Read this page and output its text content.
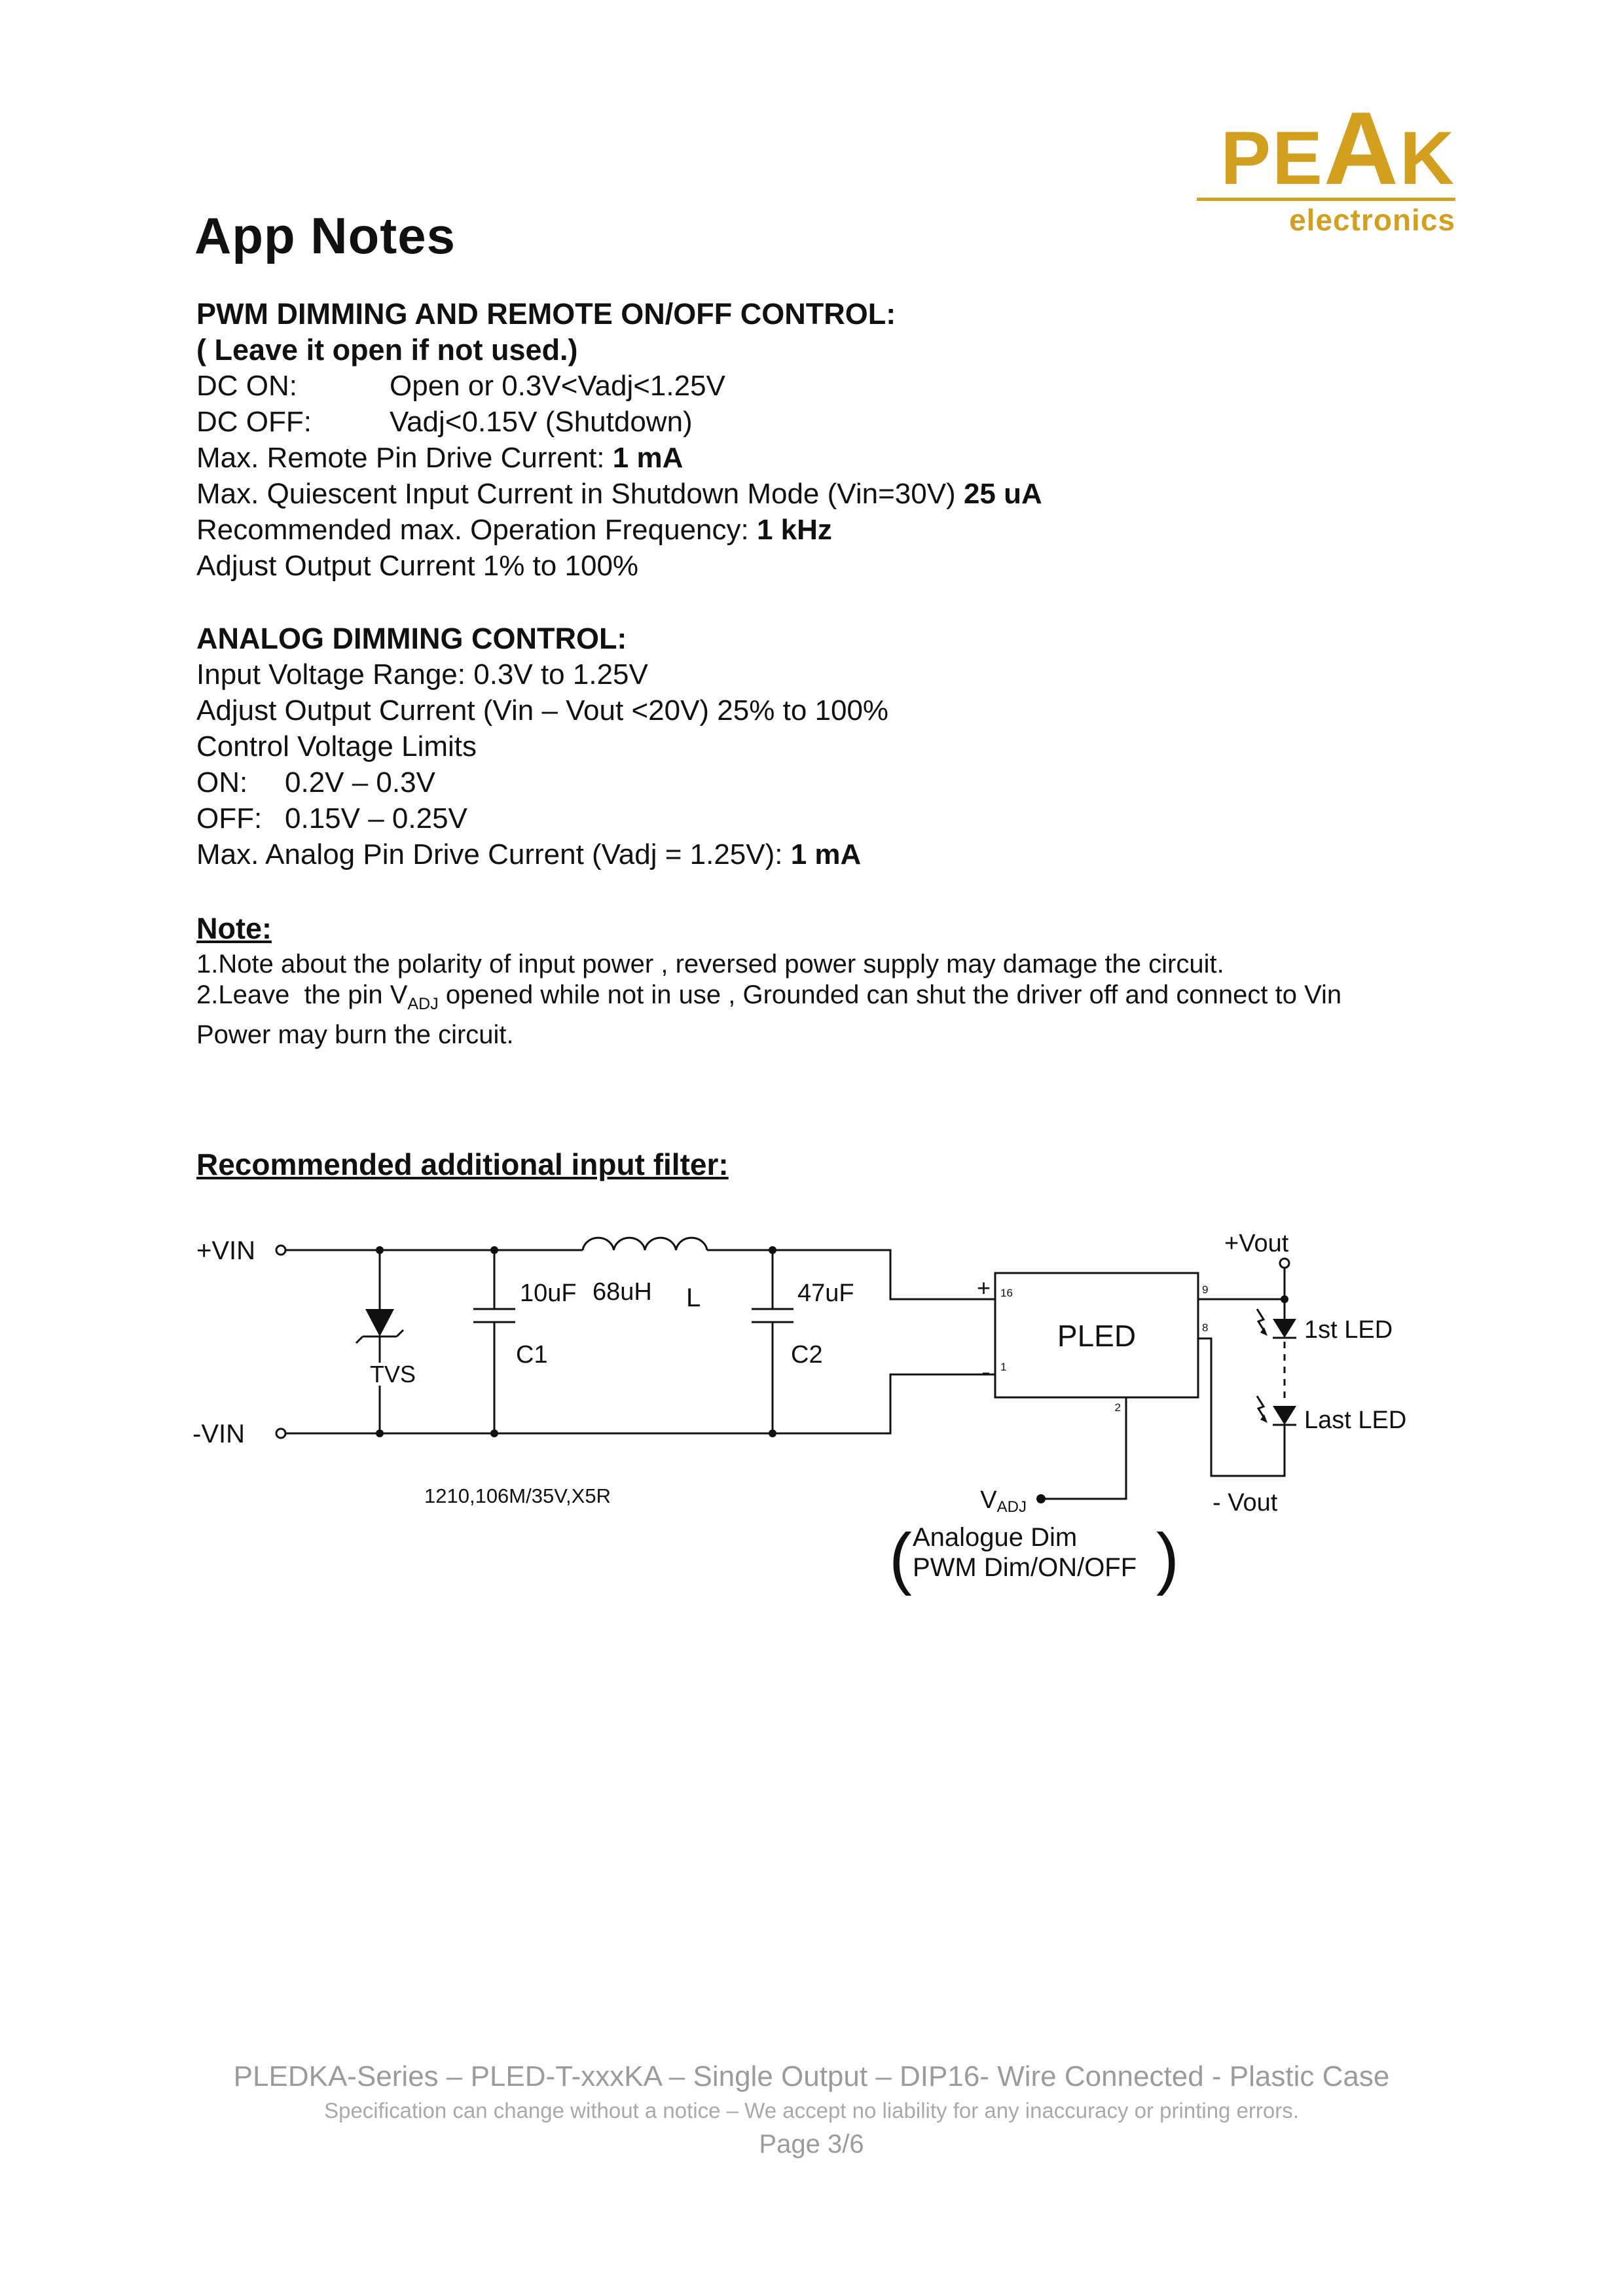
PEAK
electronics
App Notes
PWM DIMMING AND REMOTE ON/OFF CONTROL:
( Leave it open if not used.)
DC ON:	Open or 0.3V<Vadj<1.25V
DC OFF:	Vadj<0.15V (Shutdown)
Max. Remote Pin Drive Current: 1 mA
Max. Quiescent Input Current in Shutdown Mode (Vin=30V) 25 uA
Recommended max. Operation Frequency: 1 kHz
Adjust Output Current 1% to 100%
ANALOG DIMMING CONTROL:
Input Voltage Range: 0.3V to 1.25V
Adjust Output Current (Vin – Vout <20V) 25% to 100%
Control Voltage Limits
ON: 0.2V – 0.3V
OFF: 0.15V – 0.25V
Max. Analog Pin Drive Current (Vadj = 1.25V): 1 mA
Note:
1.Note about the polarity of input power , reversed power supply may damage the circuit.
2.Leave  the pin $V_{ADJ}$ opened while not in use , Grounded can shut the driver off and connect to Vin
Power may burn the circuit.
Recommended additional input filter:
+VIN
-VIN
TVS
10uF
C1
68uH L	47uF
C2
1210,106M/35V,X5R
PLED
+
-
16
1
9
8
2
+Vout
1st LED
Last LED
- Vout
VADJ
( Analogue Dim
PWM Dim/ON/OFF )
PLEDKA-Series – PLED-T-xxxKA – Single Output – DIP16- Wire Connected - Plastic Case
Specification can change without a notice – We accept no liability for any inaccuracy or printing errors.
Page 3/6
